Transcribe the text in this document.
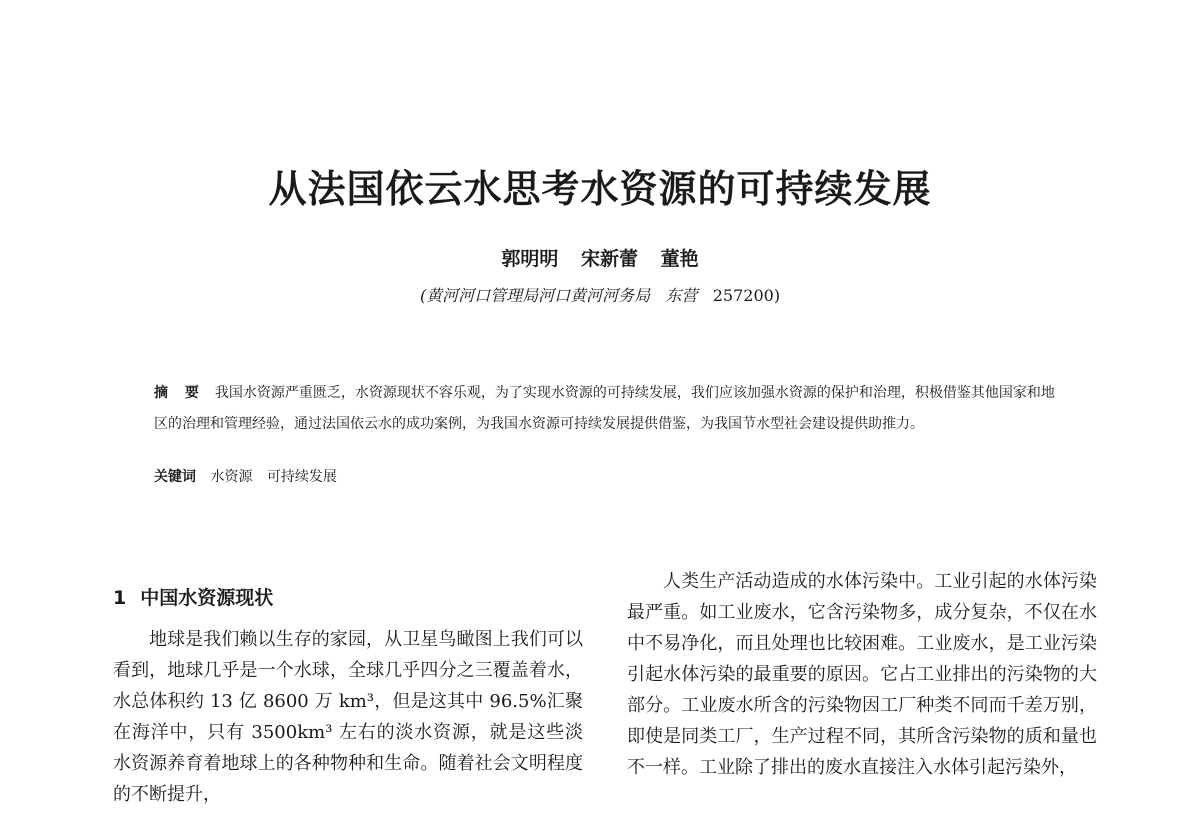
从法国依云水思考水资源的可持续发展
郭明明 宋新蕾 董艳
(黄河河口管理局河口黄河河务局 东营 257200)
摘 要 我国水资源严重匮乏，水资源现状不容乐观，为了实现水资源的可持续发展，我们应该加强水资源的保护和治理，积极借鉴其他国家和地区的治理和管理经验，通过法国依云水的成功案例，为我国水资源可持续发展提供借鉴，为我国节水型社会建设提供助推力。
关键词 水资源 可持续发展
1 中国水资源现状

地球是我们赖以生存的家园，从卫星鸟瞰图上我们可以看到，地球几乎是一个水球，全球几乎四分之三覆盖着水，水总体积约 13 亿 8600 万 km³，但是这其中 96.5%汇聚在海洋中，只有 3500km³ 左右的淡水资源，就是这些淡水资源养育着地球上的各种物种和生命。随着社会文明程度的不断提升，

人类生产活动造成的水体污染中。工业引起的水体污染最严重。如工业废水，它含污染物多，成分复杂，不仅在水中不易净化，而且处理也比较困难。工业废水，是工业污染引起水体污染的最重要的原因。它占工业排出的污染物的大部分。工业废水所含的污染物因工厂种类不同而千差万别，即使是同类工厂，生产过程不同，其所含污染物的质和量也不一样。工业除了排出的废水直接注入水体引起污染外，
